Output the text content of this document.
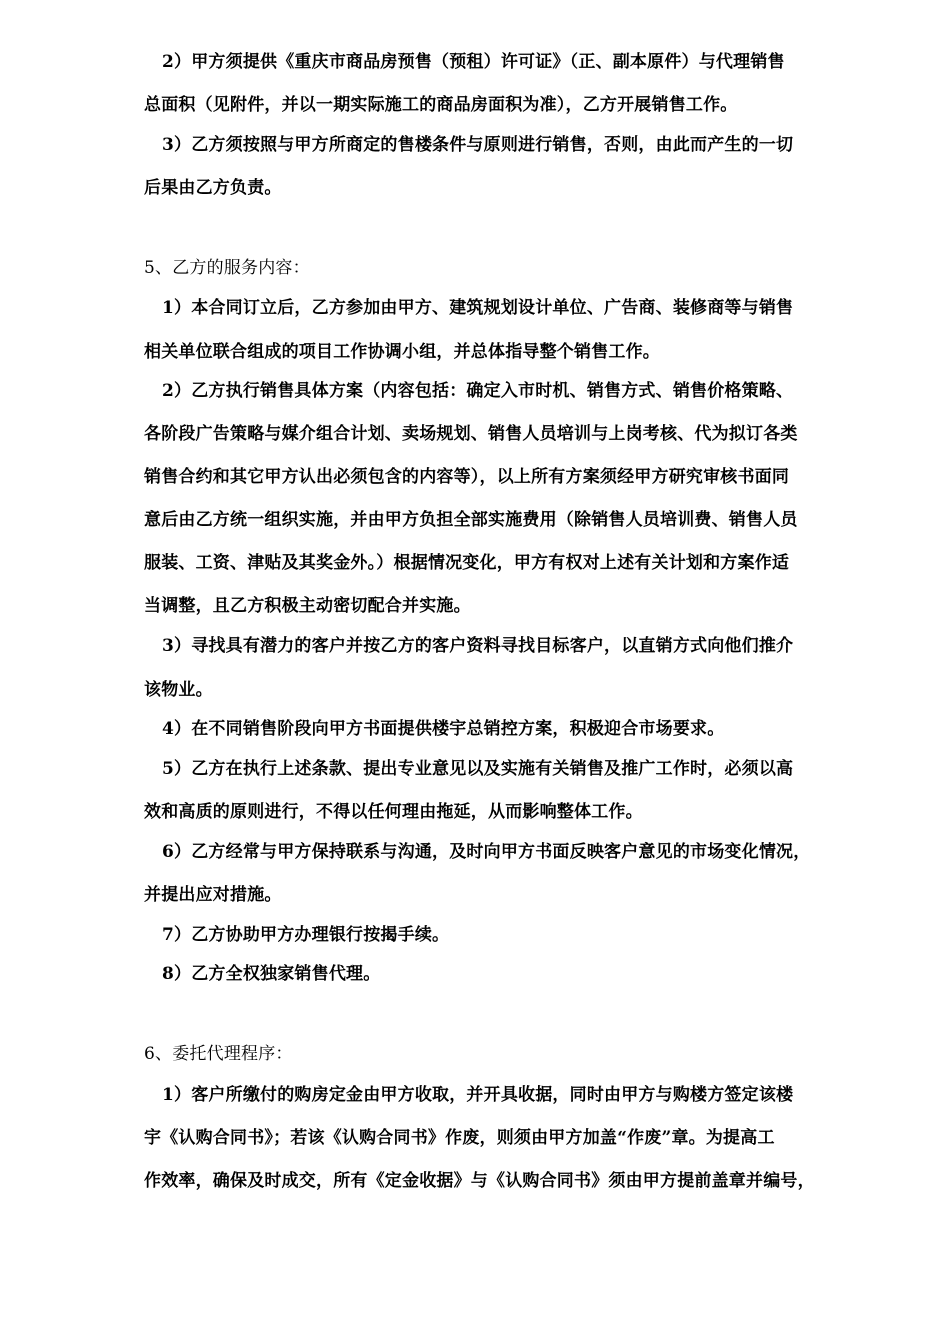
2）甲方须提供《重庆市商品房预售（预租）许可证》（正、副本原件）与代理销售
总面积（见附件，并以一期实际施工的商品房面积为准），乙方开展销售工作。
3）乙方须按照与甲方所商定的售楼条件与原则进行销售，否则，由此而产生的一切
后果由乙方负责。
5、乙方的服务内容：
1）本合同订立后，乙方参加由甲方、建筑规划设计单位、广告商、装修商等与销售
相关单位联合组成的项目工作协调小组，并总体指导整个销售工作。
2）乙方执行销售具体方案（内容包括：确定入市时机、销售方式、销售价格策略、
各阶段广告策略与媒介组合计划、卖场规划、销售人员培训与上岗考核、代为拟订各类
销售合约和其它甲方认出必须包含的内容等），以上所有方案须经甲方研究审核书面同
意后由乙方统一组织实施，并由甲方负担全部实施费用（除销售人员培训费、销售人员
服装、工资、津贴及其奖金外。）根据情况变化，甲方有权对上述有关计划和方案作适
当调整，且乙方积极主动密切配合并实施。
3）寻找具有潜力的客户并按乙方的客户资料寻找目标客户，以直销方式向他们推介
该物业。
4）在不同销售阶段向甲方书面提供楼宇总销控方案，积极迎合市场要求。
5）乙方在执行上述条款、提出专业意见以及实施有关销售及推广工作时，必须以高
效和高质的原则进行，不得以任何理由拖延，从而影响整体工作。
6）乙方经常与甲方保持联系与沟通，及时向甲方书面反映客户意见的市场变化情况，
并提出应对措施。
7）乙方协助甲方办理银行按揭手续。
8）乙方全权独家销售代理。
6、委托代理程序：
1）客户所缴付的购房定金由甲方收取，并开具收据，同时由甲方与购楼方签定该楼
宇《认购合同书》；若该《认购合同书》作废，则须由甲方加盖“作废”章。为提高工
作效率，确保及时成交，所有《定金收据》与《认购合同书》须由甲方提前盖章并编号，
